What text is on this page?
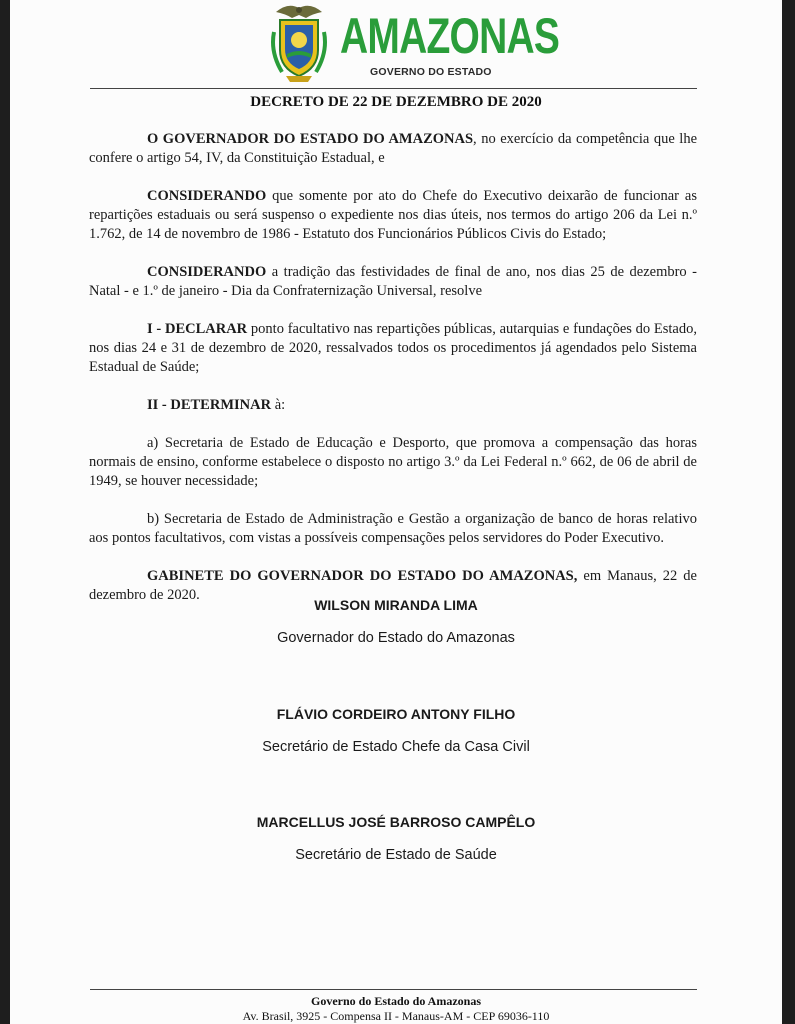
AMAZONAS
GOVERNO DO ESTADO
DECRETO DE 22 DE DEZEMBRO DE 2020

O GOVERNADOR DO ESTADO DO AMAZONAS, no exercício da competência que lhe confere o artigo 54, IV, da Constituição Estadual, e

CONSIDERANDO que somente por ato do Chefe do Executivo deixarão de funcionar as repartições estaduais ou será suspenso o expediente nos dias úteis, nos termos do artigo 206 da Lei n.º 1.762, de 14 de novembro de 1986 - Estatuto dos Funcionários Públicos Civis do Estado;

CONSIDERANDO a tradição das festividades de final de ano, nos dias 25 de dezembro - Natal - e 1.º de janeiro - Dia da Confraternização Universal, resolve

I - DECLARAR ponto facultativo nas repartições públicas, autarquias e fundações do Estado, nos dias 24 e 31 de dezembro de 2020, ressalvados todos os procedimentos já agendados pelo Sistema Estadual de Saúde;

II - DETERMINAR à:

a) Secretaria de Estado de Educação e Desporto, que promova a compensação das horas normais de ensino, conforme estabelece o disposto no artigo 3.º da Lei Federal n.º 662, de 06 de abril de 1949, se houver necessidade;

b) Secretaria de Estado de Administração e Gestão a organização de banco de horas relativo aos pontos facultativos, com vistas a possíveis compensações pelos servidores do Poder Executivo.

GABINETE DO GOVERNADOR DO ESTADO DO AMAZONAS, em Manaus, 22 de dezembro de 2020.

WILSON MIRANDA LIMA
Governador do Estado do Amazonas
FLÁVIO CORDEIRO ANTONY FILHO
Secretário de Estado Chefe da Casa Civil
MARCELLUS JOSÉ BARROSO CAMPÊLO
Secretário de Estado de Saúde
Governo do Estado do Amazonas
Av. Brasil, 3925 - Compensa II - Manaus-AM - CEP 69036-110
